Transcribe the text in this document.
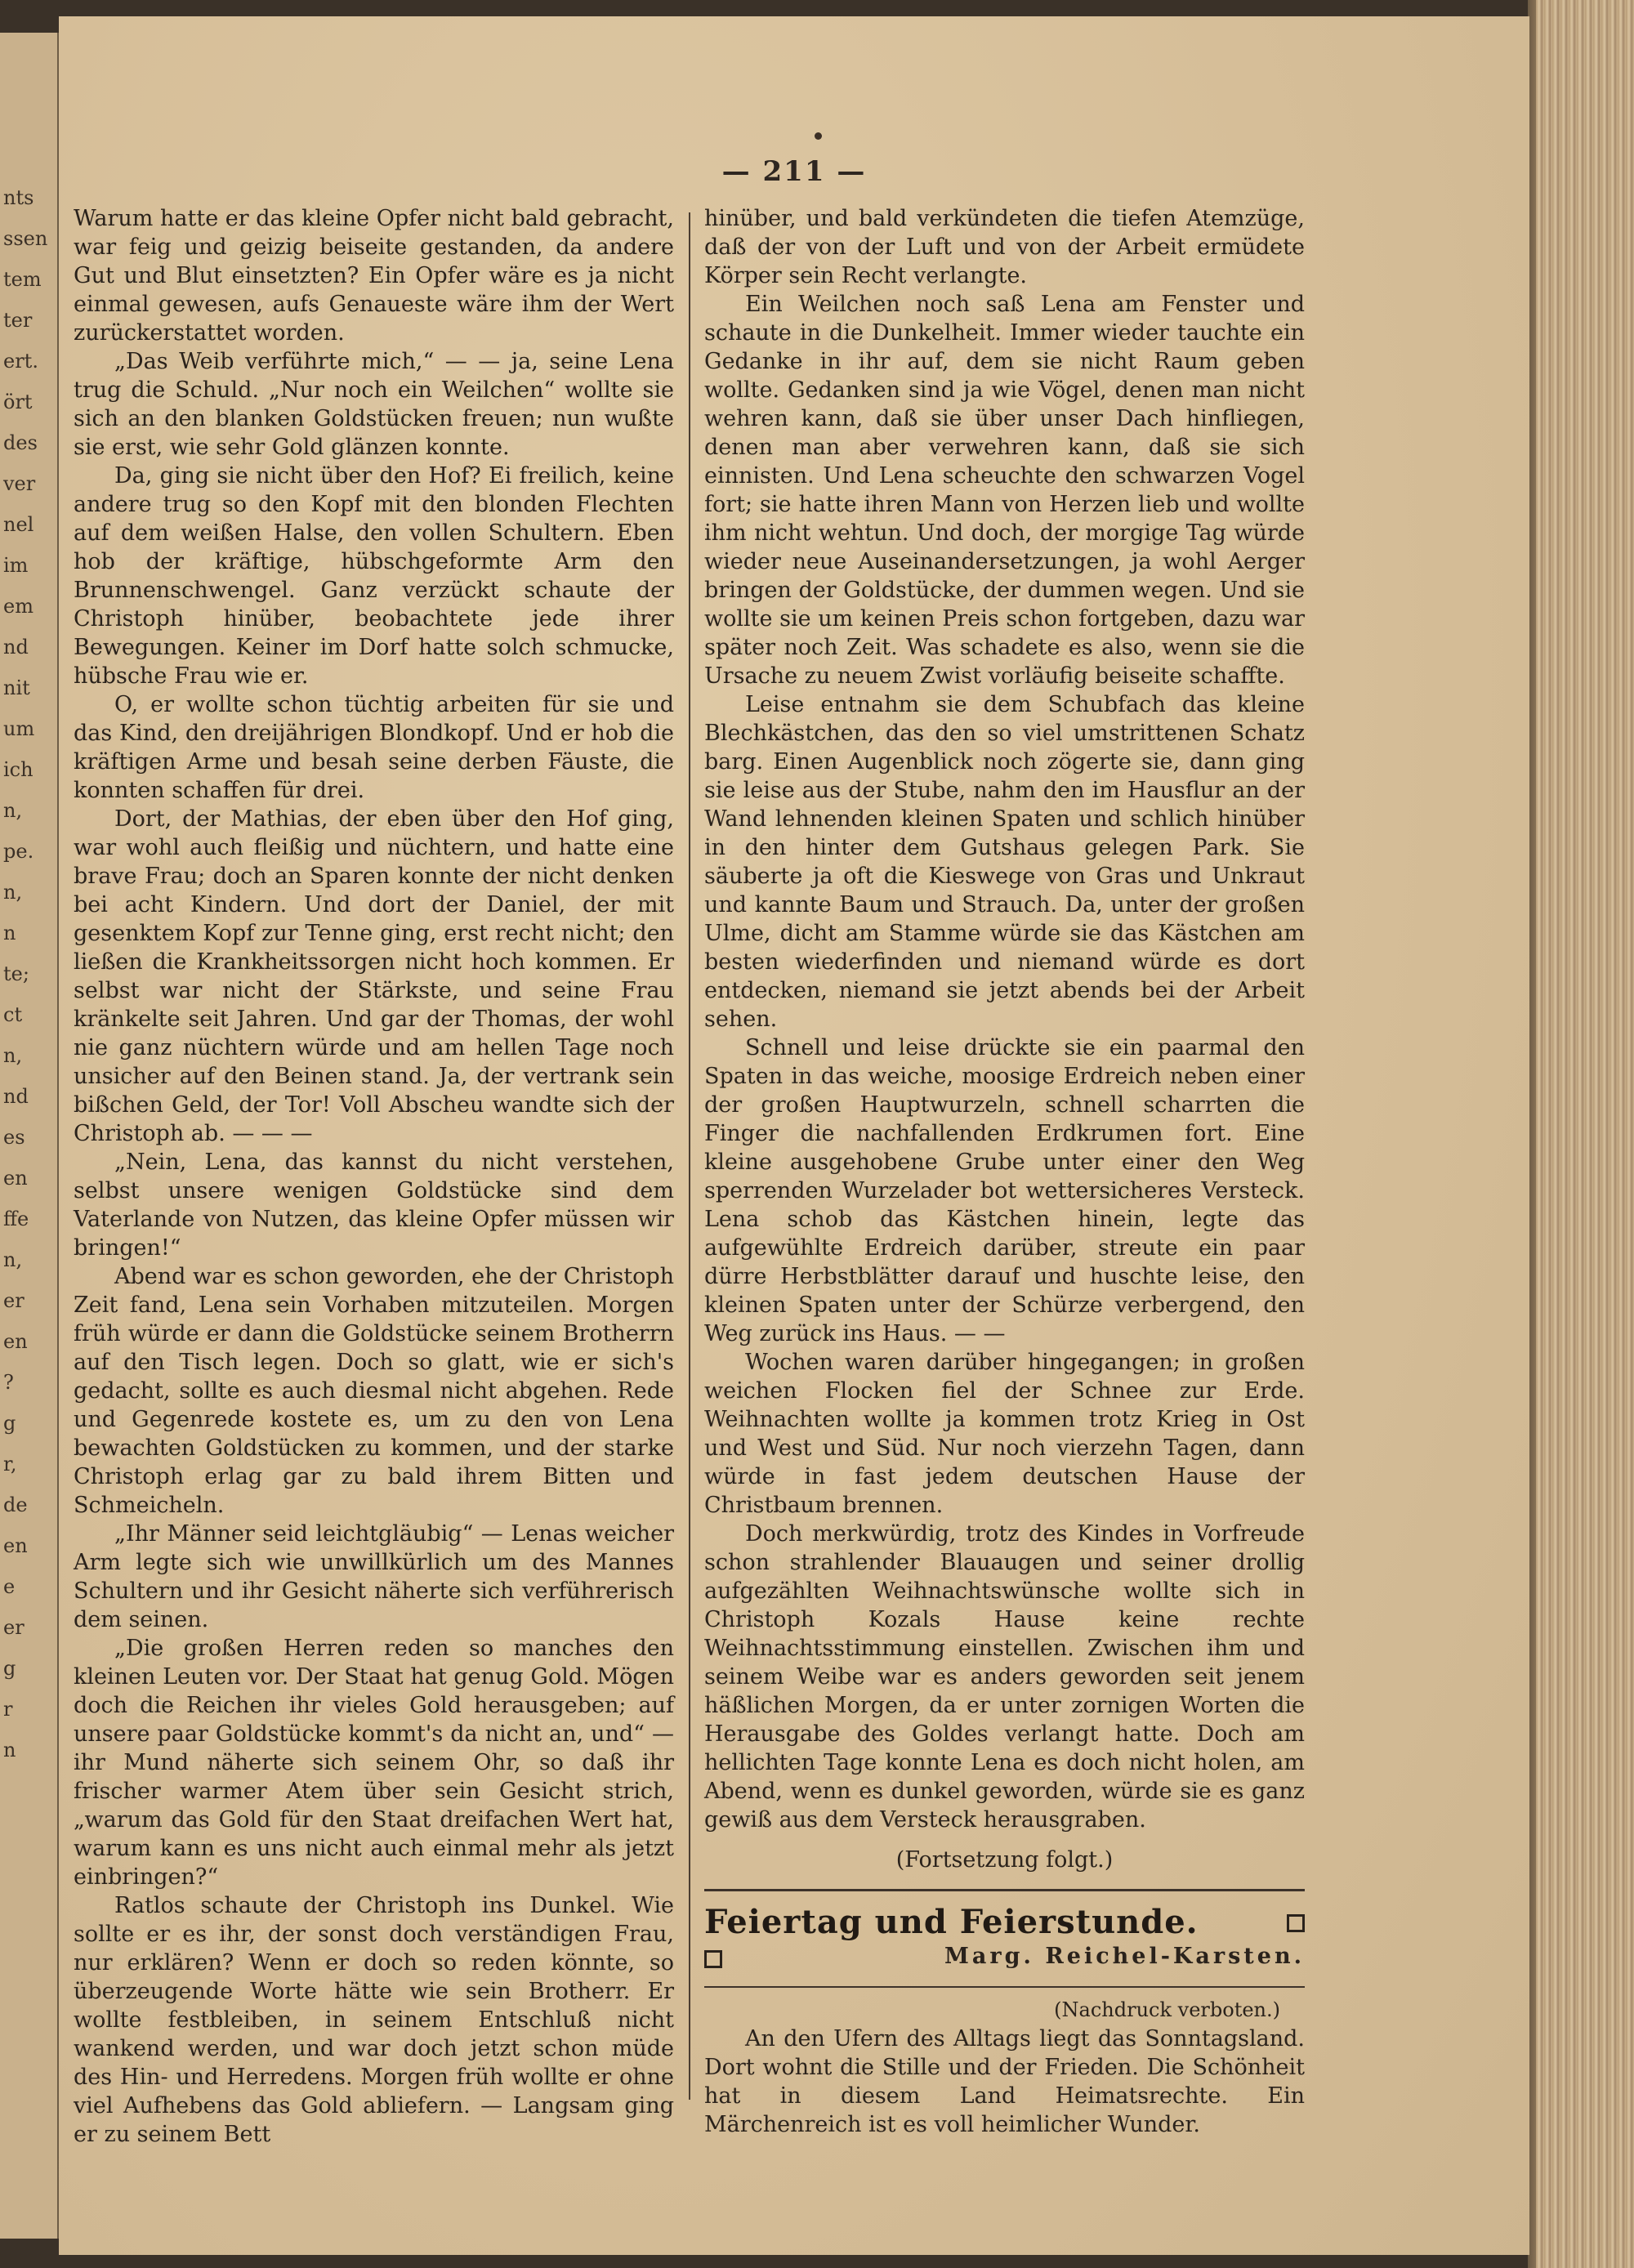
nts
ssen
tem
ter
ert.
ört
des
ver
nel
im
em
nd
nit
um
ich
n,
pe.
n,
n
te;
ct
n,
nd
es
en
ffe
n,
er
en
?
g
r,
de
en
e
er
g
r
n
— 211 —

Warum hatte er das kleine Opfer nicht bald gebracht, war feig und geizig beiseite gestanden, da andere Gut und Blut einsetzten? Ein Opfer wäre es ja nicht einmal gewesen, aufs Genaueste wäre ihm der Wert zurückerstattet worden.

„Das Weib verführte mich,“ — — ja, seine Lena trug die Schuld. „Nur noch ein Weilchen“ wollte sie sich an den blanken Goldstücken freuen; nun wußte sie erst, wie sehr Gold glänzen konnte.

Da, ging sie nicht über den Hof? Ei freilich, keine andere trug so den Kopf mit den blonden Flechten auf dem weißen Halse, den vollen Schultern. Eben hob der kräftige, hübschgeformte Arm den Brunnenschwengel. Ganz verzückt schaute der Christoph hinüber, beobachtete jede ihrer Bewegungen. Keiner im Dorf hatte solch schmucke, hübsche Frau wie er.

O, er wollte schon tüchtig arbeiten für sie und das Kind, den dreijährigen Blondkopf. Und er hob die kräftigen Arme und besah seine derben Fäuste, die konnten schaffen für drei.

Dort, der Mathias, der eben über den Hof ging, war wohl auch fleißig und nüchtern, und hatte eine brave Frau; doch an Sparen konnte der nicht denken bei acht Kindern. Und dort der Daniel, der mit gesenktem Kopf zur Tenne ging, erst recht nicht; den ließen die Krankheitssorgen nicht hoch kommen. Er selbst war nicht der Stärkste, und seine Frau kränkelte seit Jahren. Und gar der Thomas, der wohl nie ganz nüchtern würde und am hellen Tage noch unsicher auf den Beinen stand. Ja, der vertrank sein bißchen Geld, der Tor! Voll Abscheu wandte sich der Christoph ab. — — —

„Nein, Lena, das kannst du nicht verstehen, selbst unsere wenigen Goldstücke sind dem Vaterlande von Nutzen, das kleine Opfer müssen wir bringen!“

Abend war es schon geworden, ehe der Christoph Zeit fand, Lena sein Vorhaben mitzuteilen. Morgen früh würde er dann die Goldstücke seinem Brotherrn auf den Tisch legen. Doch so glatt, wie er sich's gedacht, sollte es auch diesmal nicht abgehen. Rede und Gegenrede kostete es, um zu den von Lena bewachten Goldstücken zu kommen, und der starke Christoph erlag gar zu bald ihrem Bitten und Schmeicheln.

„Ihr Männer seid leichtgläubig“ — Lenas weicher Arm legte sich wie unwillkürlich um des Mannes Schultern und ihr Gesicht näherte sich verführerisch dem seinen.

„Die großen Herren reden so manches den kleinen Leuten vor. Der Staat hat genug Gold. Mögen doch die Reichen ihr vieles Gold herausgeben; auf unsere paar Goldstücke kommt's da nicht an, und“ — ihr Mund näherte sich seinem Ohr, so daß ihr frischer warmer Atem über sein Gesicht strich, „warum das Gold für den Staat dreifachen Wert hat, warum kann es uns nicht auch einmal mehr als jetzt einbringen?“

Ratlos schaute der Christoph ins Dunkel. Wie sollte er es ihr, der sonst doch verständigen Frau, nur erklären? Wenn er doch so reden könnte, so überzeugende Worte hätte wie sein Brotherr. Er wollte festbleiben, in seinem Entschluß nicht wankend werden, und war doch jetzt schon müde des Hin- und Herredens. Morgen früh wollte er ohne viel Aufhebens das Gold abliefern. — Langsam ging er zu seinem Bett

hinüber, und bald verkündeten die tiefen Atemzüge, daß der von der Luft und von der Arbeit ermüdete Körper sein Recht verlangte.

Ein Weilchen noch saß Lena am Fenster und schaute in die Dunkelheit. Immer wieder tauchte ein Gedanke in ihr auf, dem sie nicht Raum geben wollte. Gedanken sind ja wie Vögel, denen man nicht wehren kann, daß sie über unser Dach hinfliegen, denen man aber verwehren kann, daß sie sich einnisten. Und Lena scheuchte den schwarzen Vogel fort; sie hatte ihren Mann von Herzen lieb und wollte ihm nicht wehtun. Und doch, der morgige Tag würde wieder neue Auseinandersetzungen, ja wohl Aerger bringen der Goldstücke, der dummen wegen. Und sie wollte sie um keinen Preis schon fortgeben, dazu war später noch Zeit. Was schadete es also, wenn sie die Ursache zu neuem Zwist vorläufig beiseite schaffte.

Leise entnahm sie dem Schubfach das kleine Blechkästchen, das den so viel umstrittenen Schatz barg. Einen Augenblick noch zögerte sie, dann ging sie leise aus der Stube, nahm den im Hausflur an der Wand lehnenden kleinen Spaten und schlich hinüber in den hinter dem Gutshaus gelegen Park. Sie säuberte ja oft die Kieswege von Gras und Unkraut und kannte Baum und Strauch. Da, unter der großen Ulme, dicht am Stamme würde sie das Kästchen am besten wiederfinden und niemand würde es dort entdecken, niemand sie jetzt abends bei der Arbeit sehen.

Schnell und leise drückte sie ein paarmal den Spaten in das weiche, moosige Erdreich neben einer der großen Hauptwurzeln, schnell scharrten die Finger die nachfallenden Erdkrumen fort. Eine kleine ausgehobene Grube unter einer den Weg sperrenden Wurzelader bot wettersicheres Versteck. Lena schob das Kästchen hinein, legte das aufgewühlte Erdreich darüber, streute ein paar dürre Herbstblätter darauf und huschte leise, den kleinen Spaten unter der Schürze verbergend, den Weg zurück ins Haus. — —

Wochen waren darüber hingegangen; in großen weichen Flocken fiel der Schnee zur Erde. Weihnachten wollte ja kommen trotz Krieg in Ost und West und Süd. Nur noch vierzehn Tagen, dann würde in fast jedem deutschen Hause der Christbaum brennen.

Doch merkwürdig, trotz des Kindes in Vorfreude schon strahlender Blauaugen und seiner drollig aufgezählten Weihnachtswünsche wollte sich in Christoph Kozals Hause keine rechte Weihnachtsstimmung einstellen. Zwischen ihm und seinem Weibe war es anders geworden seit jenem häßlichen Morgen, da er unter zornigen Worten die Herausgabe des Goldes verlangt hatte. Doch am hellichten Tage konnte Lena es doch nicht holen, am Abend, wenn es dunkel geworden, würde sie es ganz gewiß aus dem Versteck herausgraben.

(Fortsetzung folgt.)

Feiertag und Feierstunde.
Marg. Reichel-Karsten.

(Nachdruck verboten.)

An den Ufern des Alltags liegt das Sonntagsland. Dort wohnt die Stille und der Frieden. Die Schönheit hat in diesem Land Heimatsrechte. Ein Märchenreich ist es voll heimlicher Wunder.
